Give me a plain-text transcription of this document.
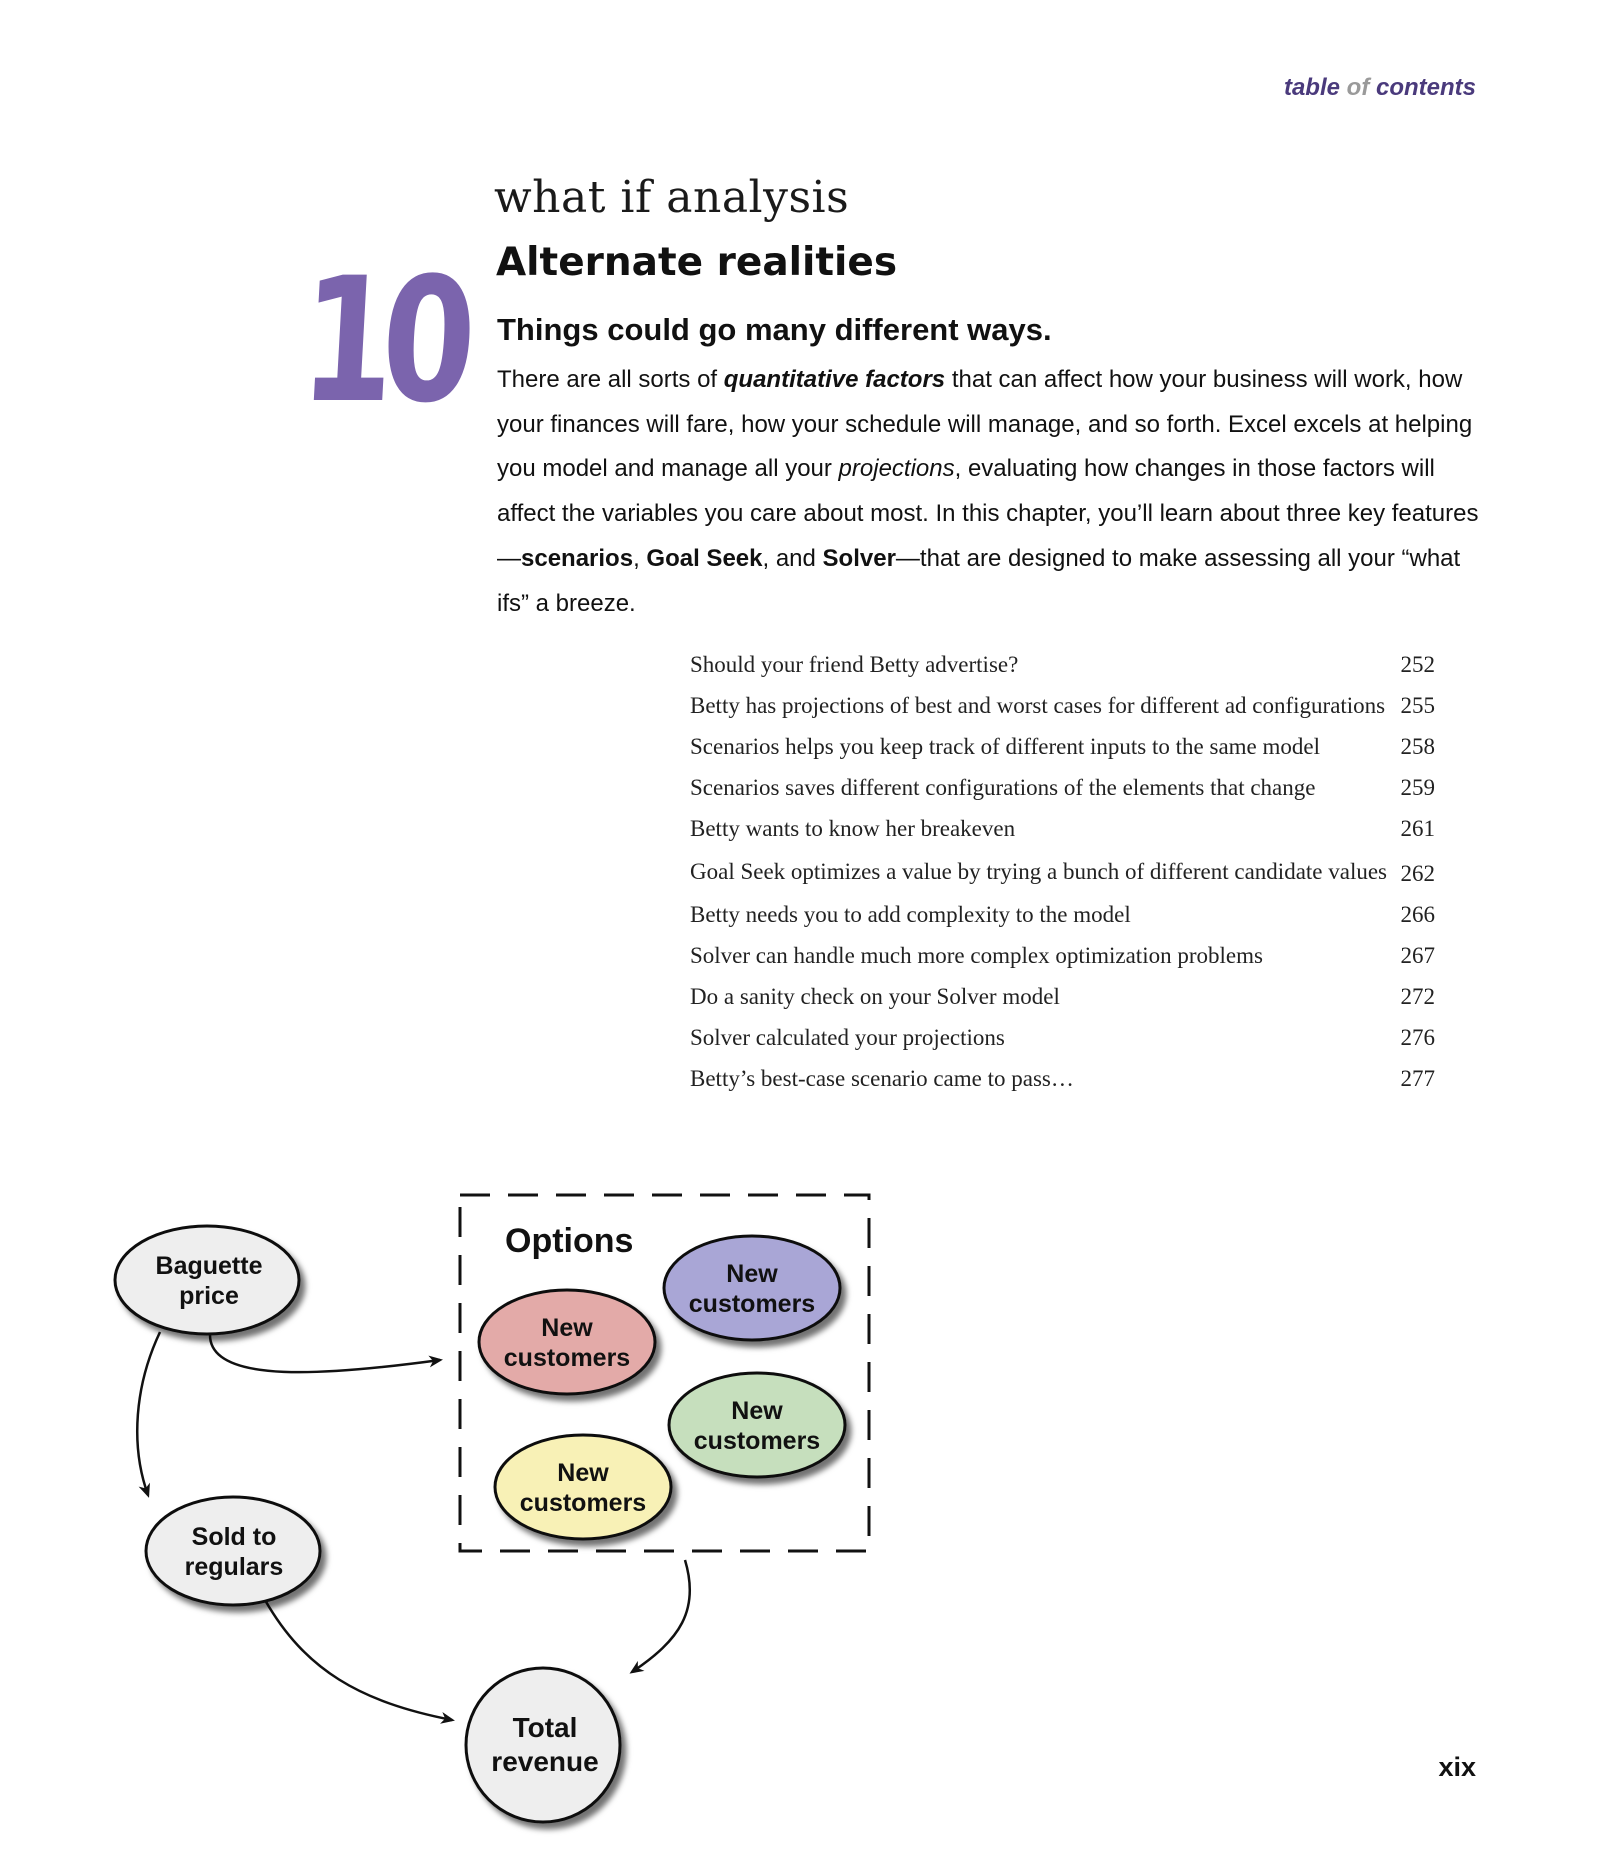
table of contents
10
what if analysis
Alternate realities
Things could go many different ways.
There are all sorts of quantitative factors that can affect how your business will work, how your finances will fare, how your schedule will manage, and so forth. Excel excels at helping you model and manage all your projections, evaluating how changes in those factors will affect the variables you care about most. In this chapter, you’ll learn about three key features—scenarios, Goal Seek, and Solver—that are designed to make assessing all your “what ifs” a breeze.
Should your friend Betty advertise?	252
Betty has projections of best and worst cases for different ad configurations 255
Scenarios helps you keep track of different inputs to the same model	258
Scenarios saves different configurations of the elements that change	259
Betty wants to know her breakeven	261
Goal Seek optimizes a value by trying a bunch of different candidate values 262
Betty needs you to add complexity to the model	266
Solver can handle much more complex optimization problems	267
Do a sanity check on your Solver model	272
Solver calculated your projections	276
Betty’s best-case scenario came to pass…	277
Options
Baguette
price
Sold to
regulars
New
customers
New
customers
New
customers
New
customers
Total
revenue	xix
